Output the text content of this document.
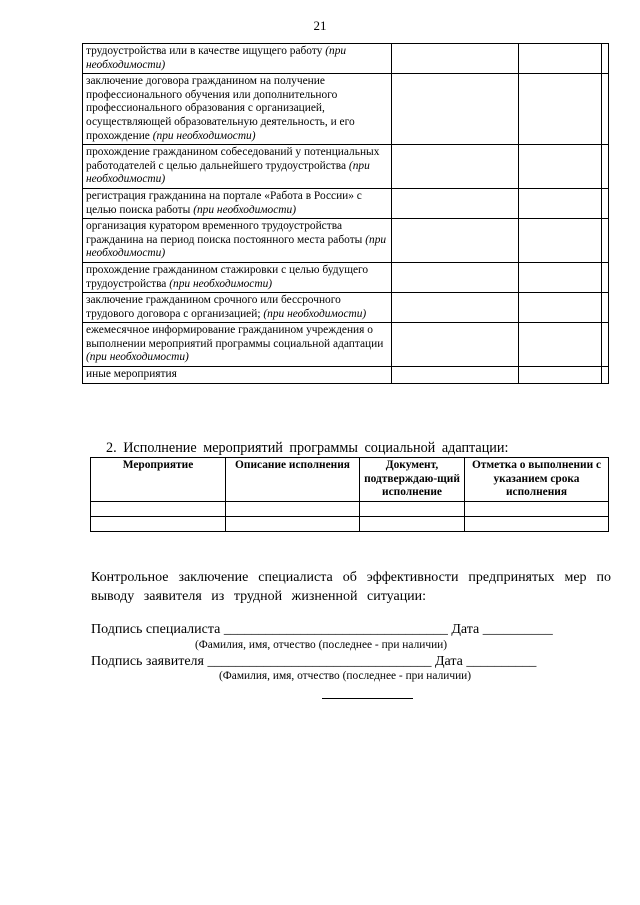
21
трудоустройства или в качестве ищущего работу (при необходимости)			
заключение договора гражданином на получение профессионального обучения или дополнительного профессионального образования с организацией, осуществляющей образовательную деятельность, и его прохождение (при необходимости)			
прохождение гражданином собеседований у потенциальных работодателей с целью дальнейшего трудоустройства (при необходимости)			
регистрация гражданина на портале «Работа в России» с целью поиска работы (при необходимости)			
организация куратором временного трудоустройства гражданина на период поиска постоянного места работы (при необходимости)			
прохождение гражданином стажировки с целью будущего трудоустройства (при необходимости)			
заключение гражданином срочного или бессрочного трудового договора с организацией; (при необходимости)			
ежемесячное информирование гражданином учреждения о выполнении мероприятий программы социальной адаптации (при необходимости)			
иные мероприятия			
2. Исполнение мероприятий программы социальной адаптации:
Мероприятие	Описание исполнения	Документ, подтверждаю-щий исполнение	Отметка о выполнении с указанием срока исполнения

Контрольное заключение специалиста об эффективности предпринятых мер по выводу заявителя из трудной жизненной ситуации:
Подпись специалиста ________________________________ Дата __________
(Фамилия, имя, отчество (последнее - при наличии)
Подпись заявителя ________________________________ Дата __________
(Фамилия, имя, отчество (последнее - при наличии)
